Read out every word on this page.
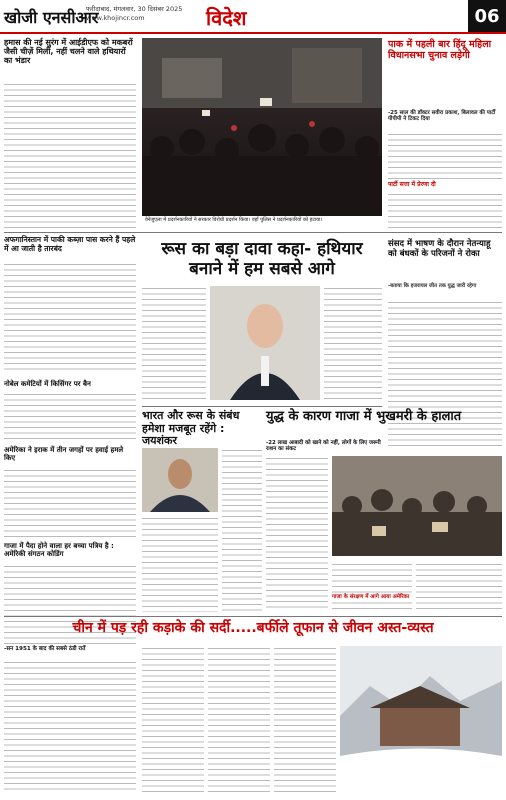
खोजी एनसीआर
फरीदाबाद, मंगलवार, 30 दिसंबर 2025
www.khojincr.com	विदेश	06
हमास की नई सुरंग में आईडीएफ को मकबरों जैसी चीज़ें मिलीं, नहीं चलने वाले हथियारों का भंडार
वेनेजुएला में प्रदर्शनकारियों ने सरकार विरोधी प्रदर्शन किया। वहाँ पुलिस ने प्रदर्शनकारियों को हटाया।
पाक में पहली बार हिंदू महिला विधानसभा चुनाव लड़ेगी
-25 साल की डॉक्टर सवीरा प्रकाश, बिलावल की पार्टी पीपीपी ने टिकट दिया
पार्टी सत्ता में प्रेरणा दी
अफगानिस्तान में पाकी कब्ज़ा पास करने हैं पहले में आ जाती है तारबंद
नोबेल कमेटियों में किसिंगर पर बैन
अमेरिका ने इराक में तीन जगहों पर हवाई हमले किए
गाजा में पैदा होने वाला हर बच्चा पत्रिय है : अमेरिकी संगठन कोडिंग
रूस का बड़ा दावा कहा- हथियार बनाने में हम सबसे आगे
संसद में भाषण के दौरान नेतन्याहू को बंधकों के परिजनों ने रोका
-बताया कि इजरायल जीत तक युद्ध जारी रहेगा
भारत और रूस के संबंध हमेशा मजबूत रहेंगे : जयशंकर
युद्ध के कारण गाजा में भुखमरी के हालात
-22 लाख आबादी को खाने को नहीं, लोगों के लिए जरूरी राशन का संकट
गाजा के संरक्षण में आगे आया अमेरिका
चीन में पड़ रही कड़ाके की सर्दी.....बर्फीले तूफान से जीवन अस्त-व्यस्त
-सन 1951 के बाद की सबसे ठंडी रातें
